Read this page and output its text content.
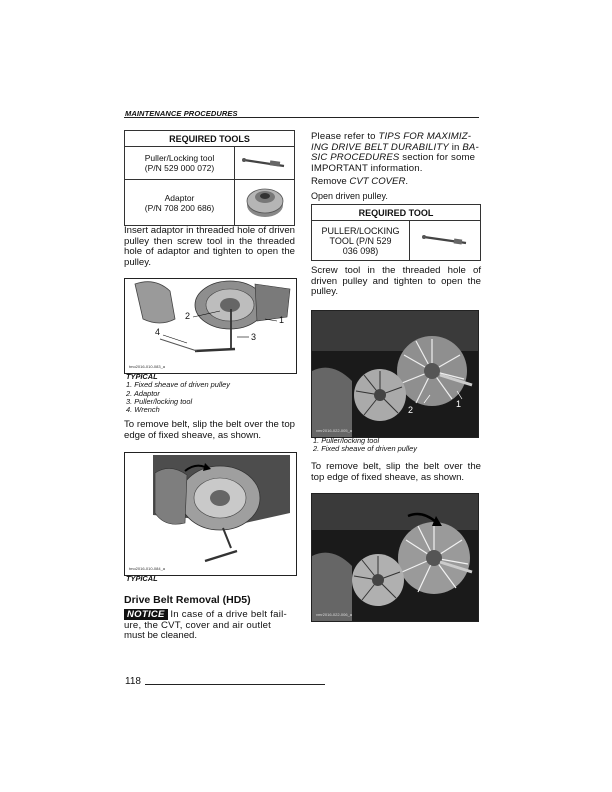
MAINTENANCE PROCEDURES
REQUIRED TOOLS	

Puller/Locking tool
(P/N 529 000 072)

Adaptor
(P/N 708 200 686)

Insert adaptor in threaded hole of driven pulley then screw tool in the threaded hole of adaptor and tighten to open the pulley.
1
2
3
4
tmo2016-010-083_a
TYPICAL
1. Fixed sheave of driven pulley
2. Adaptor
3. Puller/locking tool
4. Wrench
To remove belt, slip the belt over the top edge of fixed sheave, as shown.
tmo2016-010-084_a
TYPICAL
Drive Belt Removal (HD5)
NOTICE In case of a drive belt fail-
ure, the CVT, cover and air outlet
must be cleaned.
Please refer to TIPS FOR MAXIMIZ-
ING DRIVE BELT DURABILITY in BA-
SIC PROCEDURES section for some
IMPORTANT information.
Remove CVT COVER.
Open driven pulley.
REQUIRED TOOL

PULLER/LOCKING
TOOL (P/N 529
036 098)

Screw tool in the threaded hole of driven pulley and tighten to open the pulley.
1
2
vmr2016-022-005_a
1. Puller/locking tool
2. Fixed sheave of driven pulley
To remove belt, slip the belt over the top edge of fixed sheave, as shown.
vmr2016-022-006_a
118
